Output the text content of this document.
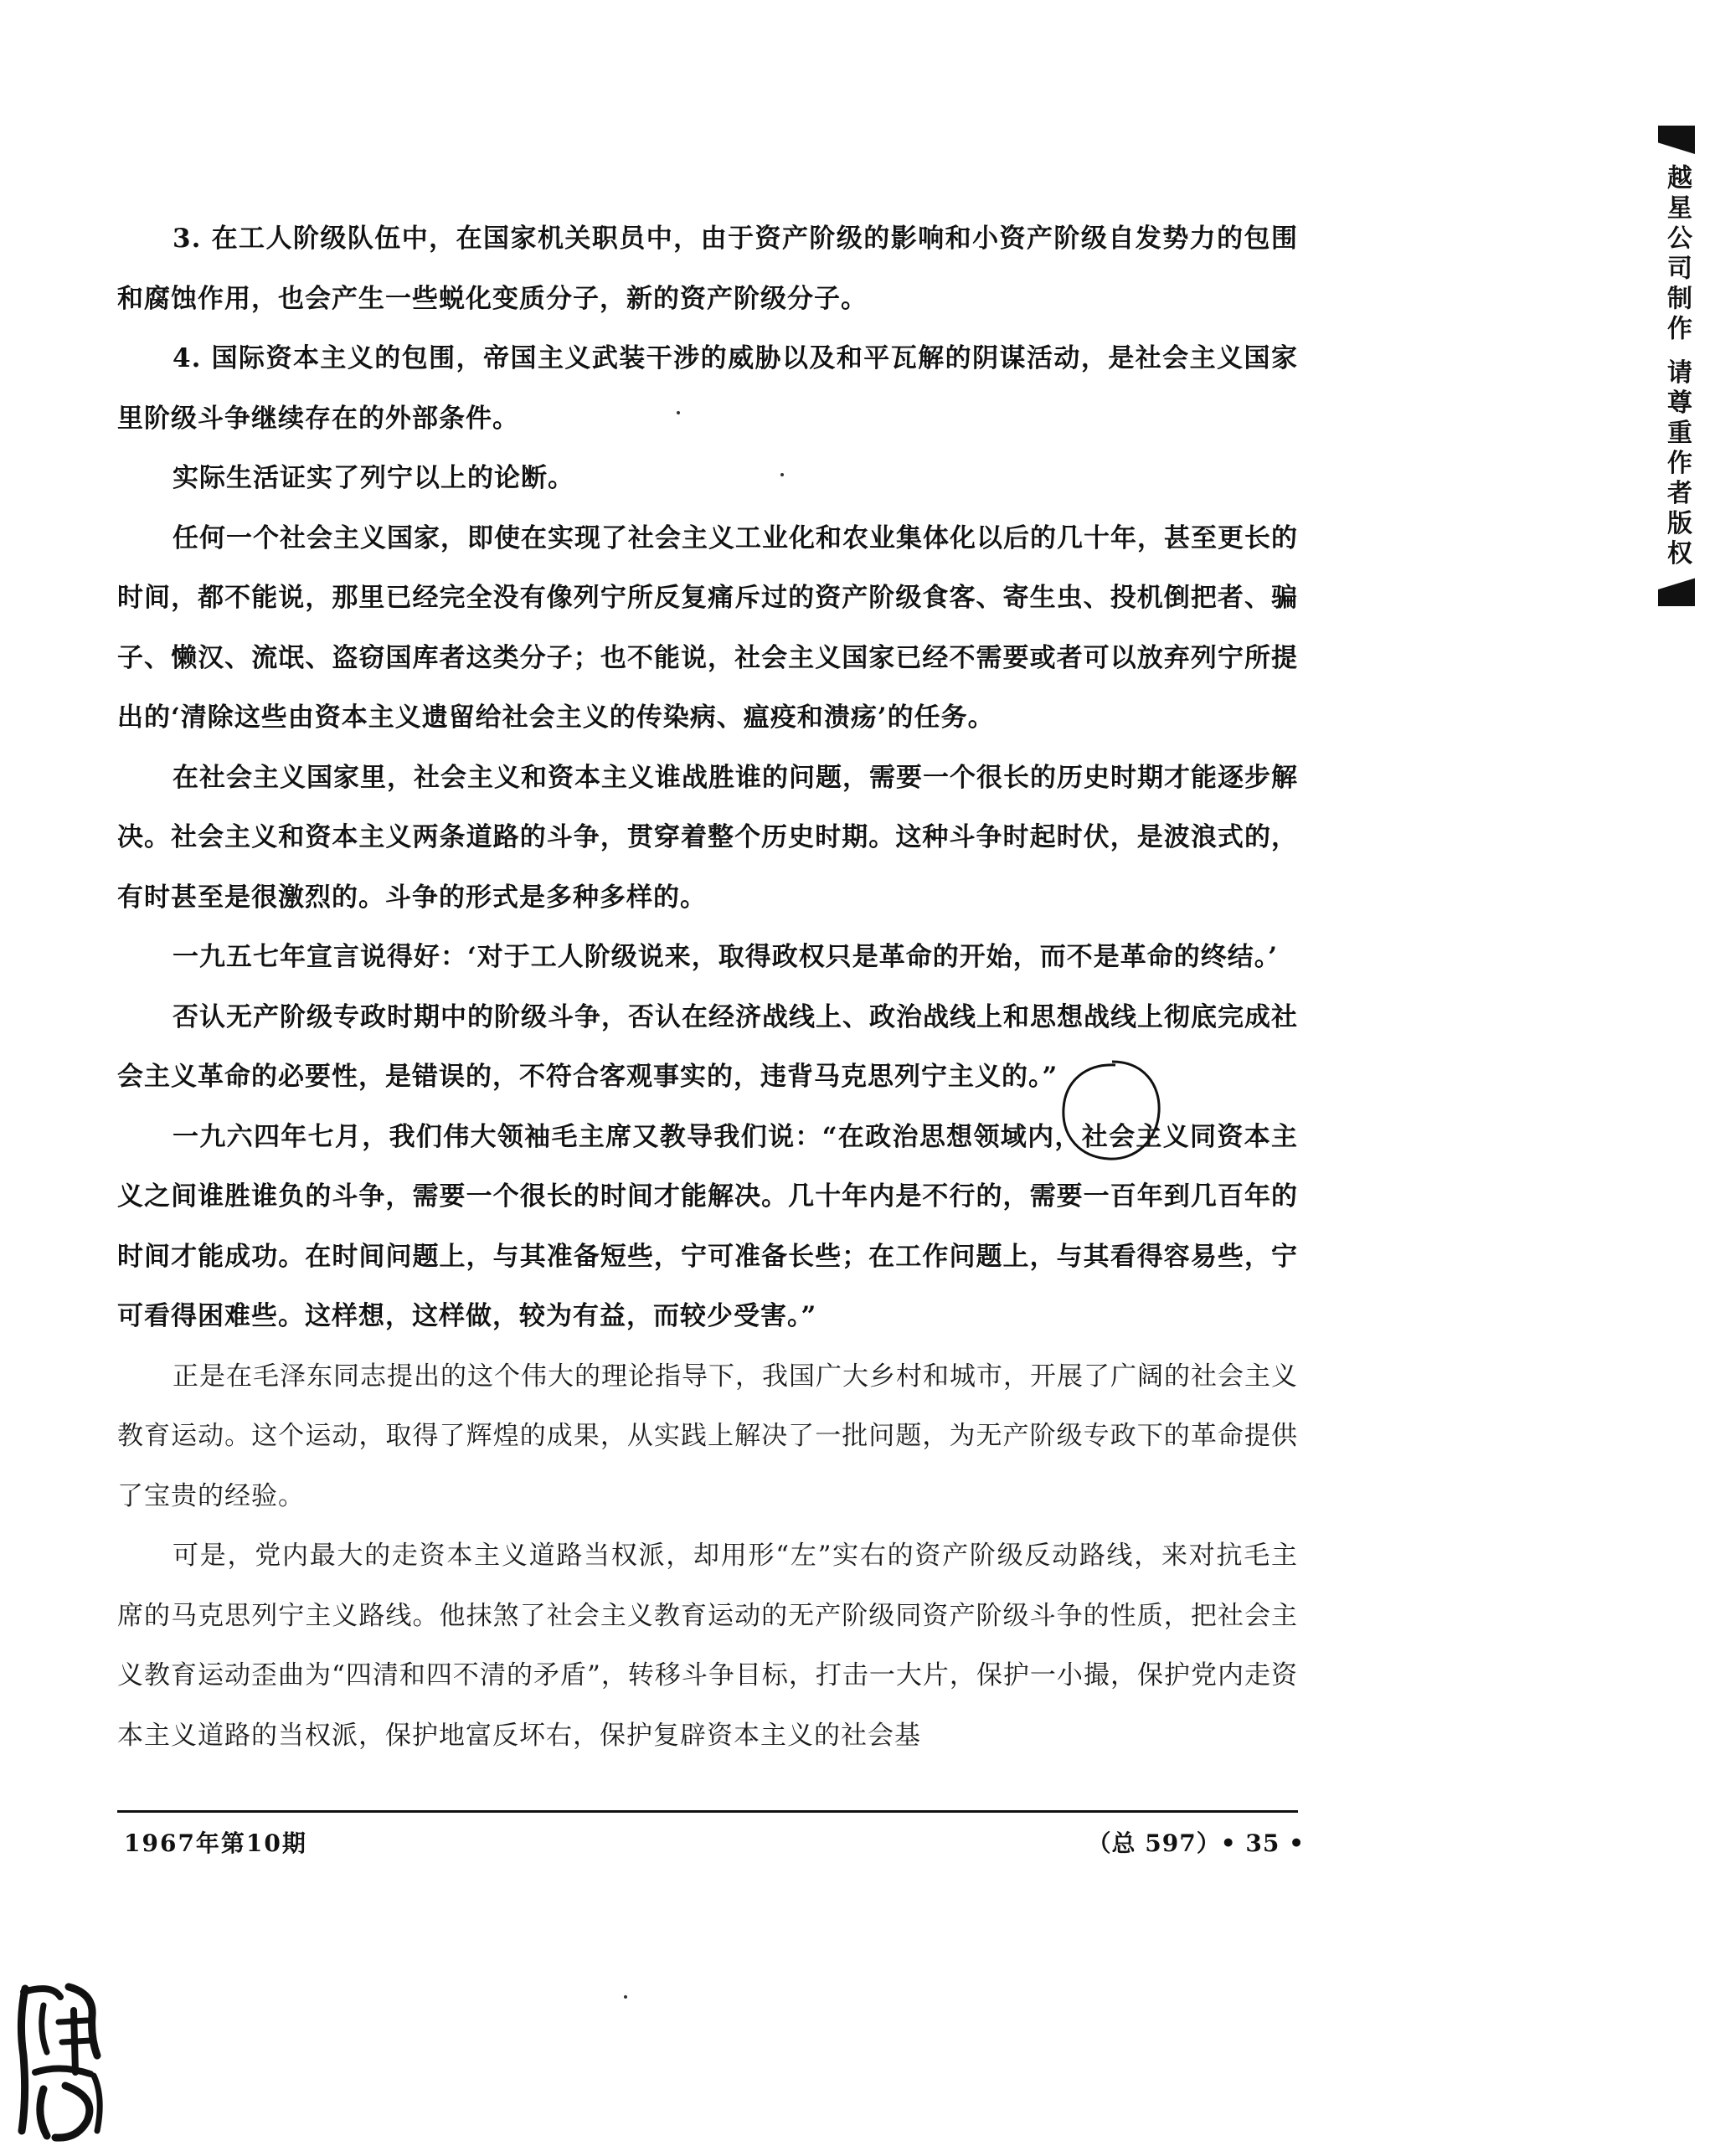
3. 在工人阶级队伍中，在国家机关职员中，由于资产阶级的影响和小资产阶级自发势力的包围和腐蚀作用，也会产生一些蜕化变质分子，新的资产阶级分子。

4. 国际资本主义的包围，帝国主义武装干涉的威胁以及和平瓦解的阴谋活动，是社会主义国家里阶级斗争继续存在的外部条件。

实际生活证实了列宁以上的论断。

任何一个社会主义国家，即使在实现了社会主义工业化和农业集体化以后的几十年，甚至更长的时间，都不能说，那里已经完全没有像列宁所反复痛斥过的资产阶级食客、寄生虫、投机倒把者、骗子、懒汉、流氓、盗窃国库者这类分子；也不能说，社会主义国家已经不需要或者可以放弃列宁所提出的‘清除这些由资本主义遗留给社会主义的传染病、瘟疫和溃疡’的任务。

在社会主义国家里，社会主义和资本主义谁战胜谁的问题，需要一个很长的历史时期才能逐步解决。社会主义和资本主义两条道路的斗争，贯穿着整个历史时期。这种斗争时起时伏，是波浪式的，有时甚至是很激烈的。斗争的形式是多种多样的。

一九五七年宣言说得好：‘对于工人阶级说来，取得政权只是革命的开始，而不是革命的终结。’

否认无产阶级专政时期中的阶级斗争，否认在经济战线上、政治战线上和思想战线上彻底完成社会主义革命的必要性，是错误的，不符合客观事实的，违背马克思列宁主义的。”

一九六四年七月，我们伟大领袖毛主席又教导我们说：“在政治思想领域内，社会主义同资本主义之间谁胜谁负的斗争，需要一个很长的时间才能解决。几十年内是不行的，需要一百年到几百年的时间才能成功。在时间问题上，与其准备短些，宁可准备长些；在工作问题上，与其看得容易些，宁可看得困难些。这样想，这样做，较为有益，而较少受害。”

正是在毛泽东同志提出的这个伟大的理论指导下，我国广大乡村和城市，开展了广阔的社会主义教育运动。这个运动，取得了辉煌的成果，从实践上解决了一批问题，为无产阶级专政下的革命提供了宝贵的经验。

可是，党内最大的走资本主义道路当权派，却用形“左”实右的资产阶级反动路线，来对抗毛主席的马克思列宁主义路线。他抹煞了社会主义教育运动的无产阶级同资产阶级斗争的性质，把社会主义教育运动歪曲为“四清和四不清的矛盾”，转移斗争目标，打击一大片，保护一小撮，保护党内走资本主义道路的当权派，保护地富反坏右，保护复辟资本主义的社会基

1967年第10期	（总 597）• 35 •
越星公司制作 请尊重作者版权
